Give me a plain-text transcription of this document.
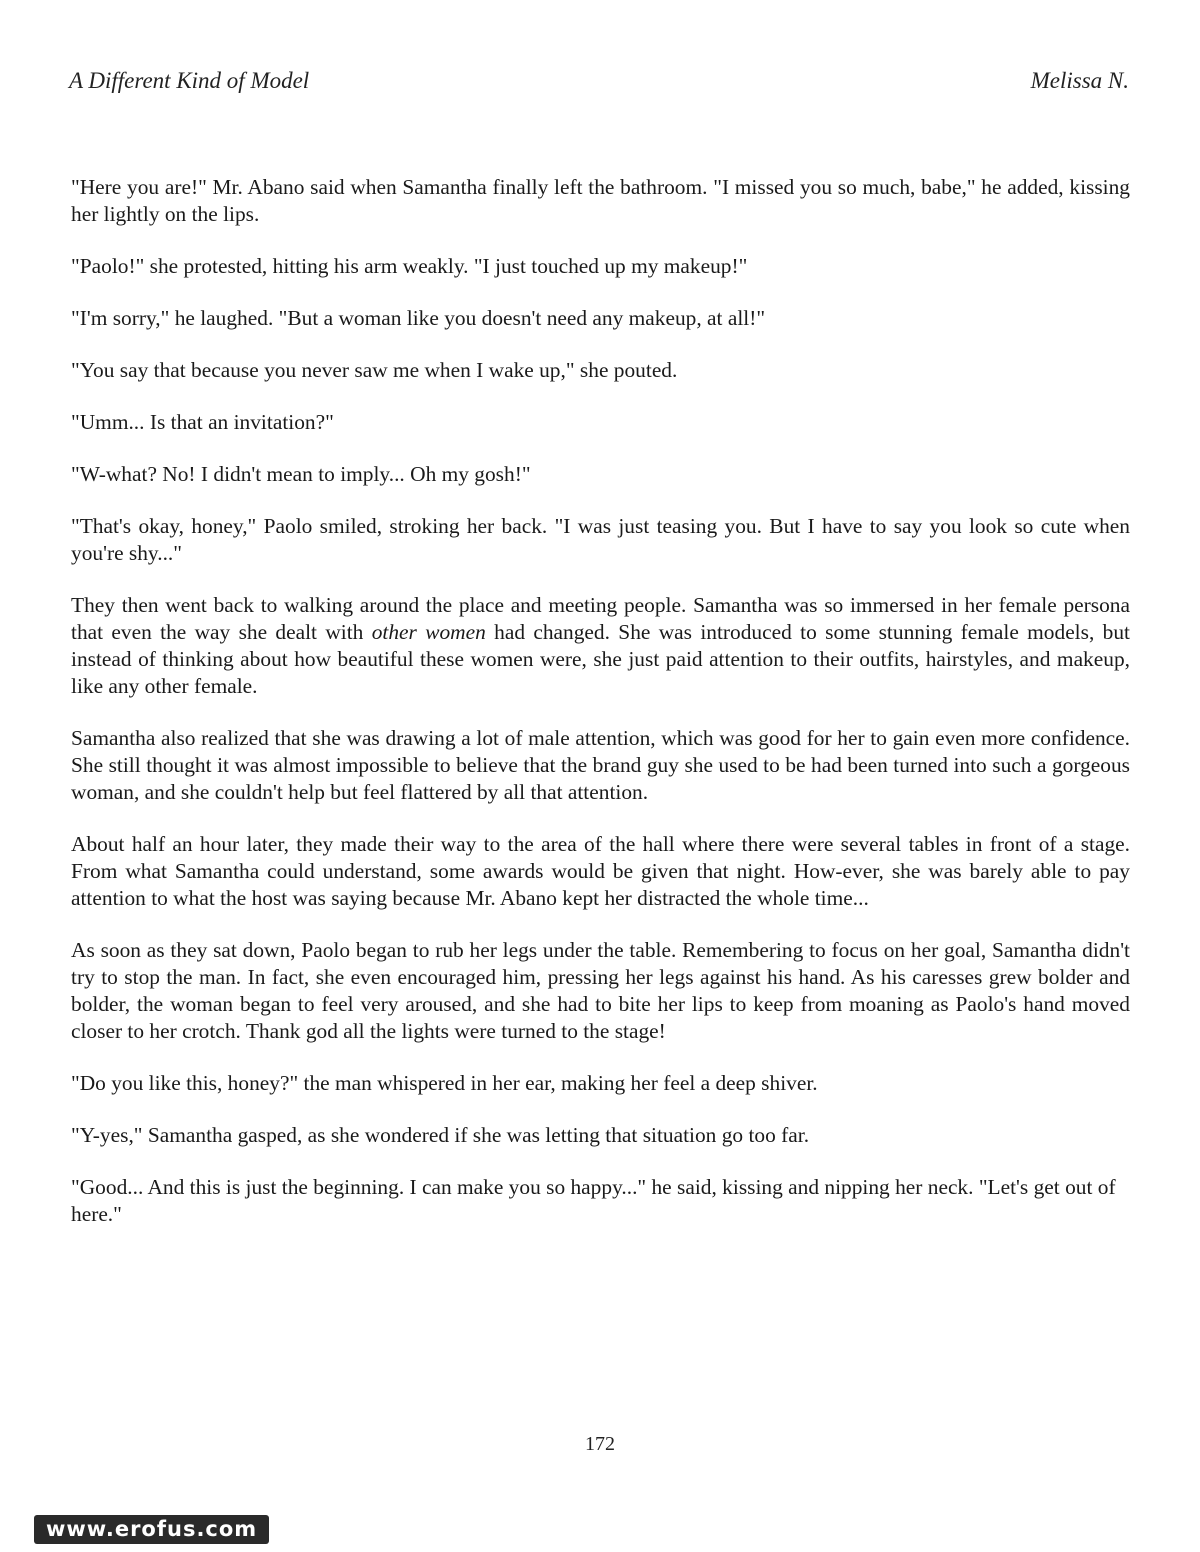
A Different Kind of Model	Melissa N.

"Here you are!" Mr. Abano said when Samantha finally left the bathroom. "I missed you so much, babe," he added, kissing her lightly on the lips.

"Paolo!" she protested, hitting his arm weakly. "I just touched up my makeup!"

"I'm sorry," he laughed. "But a woman like you doesn't need any makeup, at all!"

"You say that because you never saw me when I wake up," she pouted.

"Umm... Is that an invitation?"

"W-what? No! I didn't mean to imply... Oh my gosh!"

"That's okay, honey," Paolo smiled, stroking her back. "I was just teasing you. But I have to say you look so cute when you're shy..."

They then went back to walking around the place and meeting people. Samantha was so immersed in her female persona that even the way she dealt with other women had changed. She was introduced to some stunning female models, but instead of thinking about how beautiful these women were, she just paid attention to their outfits, hairstyles, and makeup, like any other female.

Samantha also realized that she was drawing a lot of male attention, which was good for her to gain even more confidence. She still thought it was almost impossible to believe that the brand guy she used to be had been turned into such a gorgeous woman, and she couldn't help but feel flattered by all that attention.

About half an hour later, they made their way to the area of the hall where there were several tables in front of a stage. From what Samantha could understand, some awards would be given that night. How-ever, she was barely able to pay attention to what the host was saying because Mr. Abano kept her distracted the whole time...

As soon as they sat down, Paolo began to rub her legs under the table. Remembering to focus on her goal, Samantha didn't try to stop the man. In fact, she even encouraged him, pressing her legs against his hand. As his caresses grew bolder and bolder, the woman began to feel very aroused, and she had to bite her lips to keep from moaning as Paolo's hand moved closer to her crotch. Thank god all the lights were turned to the stage!

"Do you like this, honey?" the man whispered in her ear, making her feel a deep shiver.

"Y-yes," Samantha gasped, as she wondered if she was letting that situation go too far.

"Good... And this is just the beginning. I can make you so happy..." he said, kissing and nipping her neck. "Let's get out of here."

172
www.erofus.com
